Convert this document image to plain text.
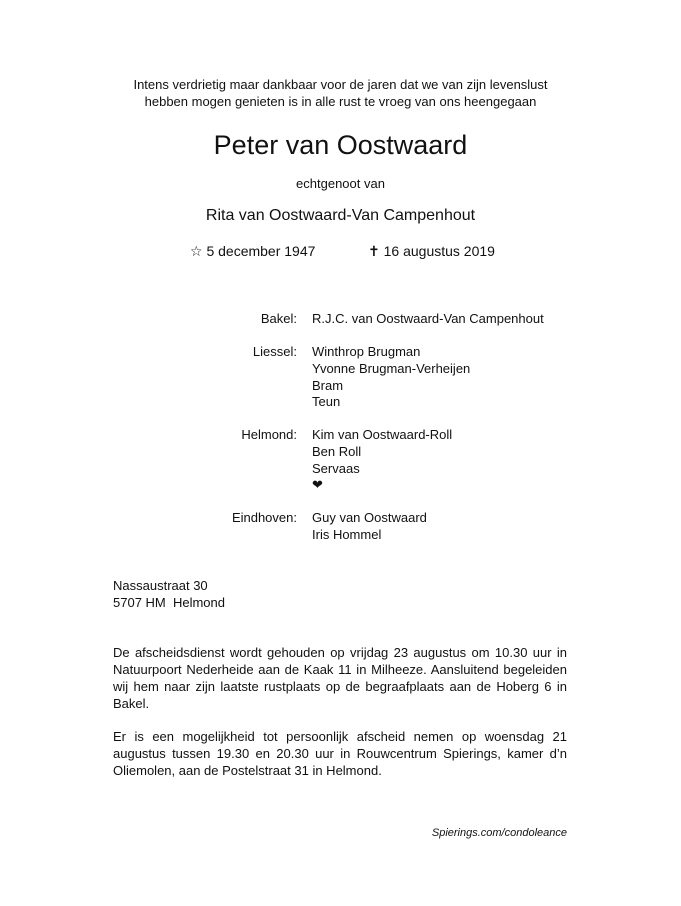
Intens verdrietig maar dankbaar voor de jaren dat we van zijn levenslust
hebben mogen genieten is in alle rust te vroeg van ons heengegaan
Peter van Oostwaard
echtgenoot van
Rita van Oostwaard-Van Campenhout
☆ 5 december 1947	✝ 16 augustus 2019
Bakel: R.J.C. van Oostwaard-Van Campenhout
Liessel: Winthrop Brugman
Yvonne Brugman-Verheijen
Bram
Teun
Helmond: Kim van Oostwaard-Roll
Ben Roll
Servaas
❤
Eindhoven: Guy van Oostwaard
Iris Hommel
Nassaustraat 30
5707 HM  Helmond
De afscheidsdienst wordt gehouden op vrijdag 23 augustus om 10.30 uur in Natuurpoort Nederheide aan de Kaak 11 in Milheeze. Aansluitend begeleiden wij hem naar zijn laatste rustplaats op de begraafplaats aan de Hoberg 6 in Bakel.
Er is een mogelijkheid tot persoonlijk afscheid nemen op woensdag 21 augustus tussen 19.30 en 20.30 uur in Rouwcentrum Spierings, kamer d’n Oliemolen, aan de Postelstraat 31 in Helmond.
Spierings.com/condoleance
